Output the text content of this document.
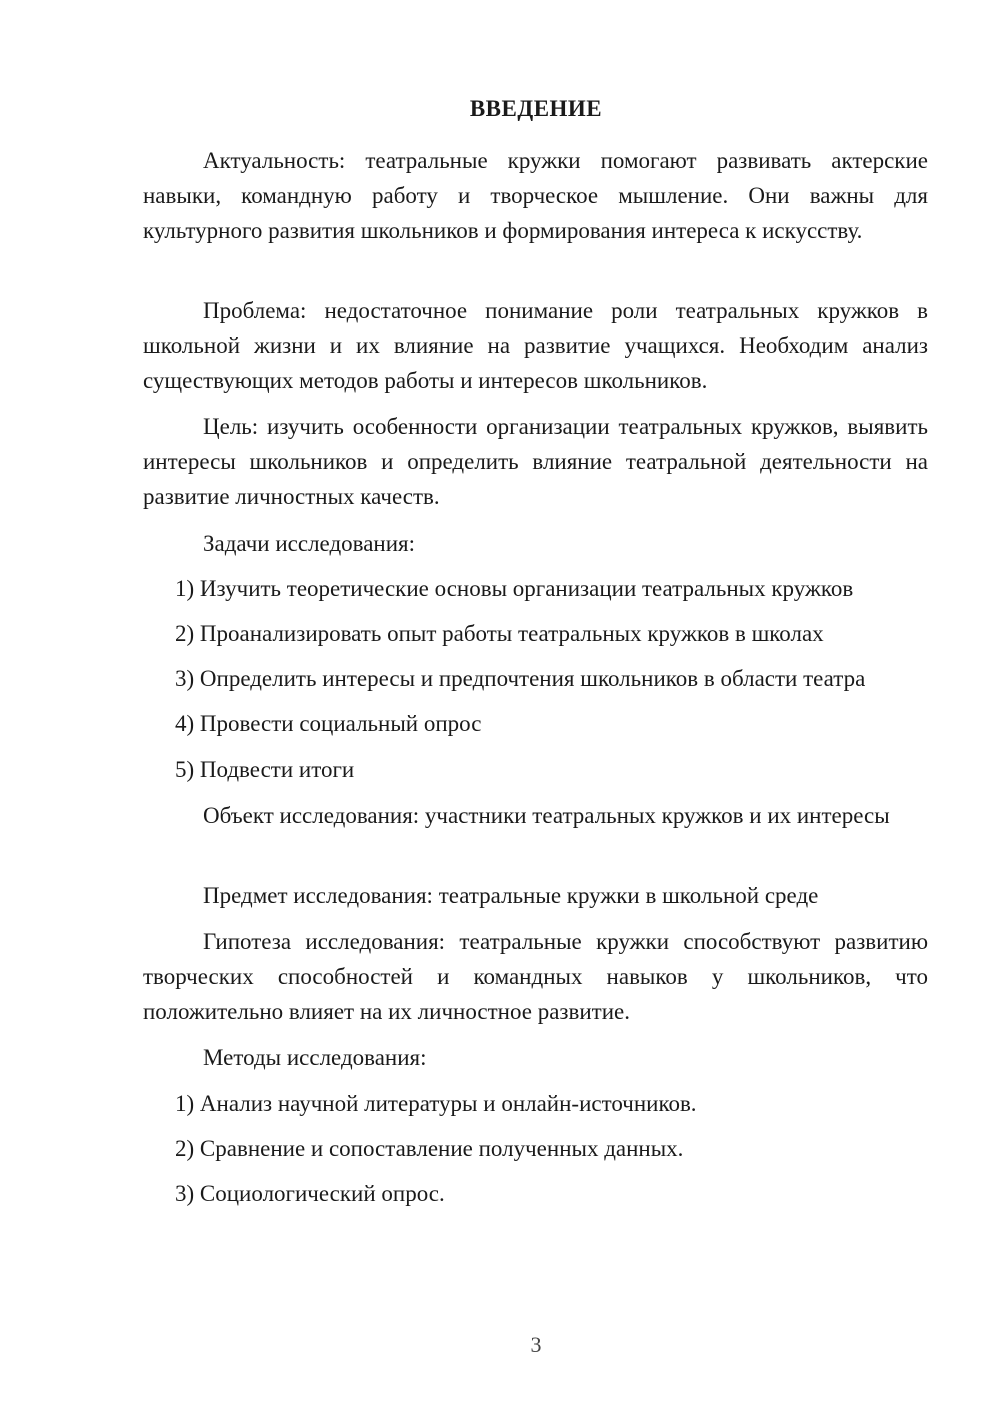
ВВЕДЕНИЕ
Актуальность: театральные кружки помогают развивать актерские навыки, командную работу и творческое мышление. Они важны для культурного развития школьников и формирования интереса к искусству.
Проблема: недостаточное понимание роли театральных кружков в школьной жизни и их влияние на развитие учащихся. Необходим анализ существующих методов работы и интересов школьников.
Цель: изучить особенности организации театральных кружков, выявить интересы школьников и определить влияние театральной деятельности на развитие личностных качеств.
Задачи исследования:
1) Изучить теоретические основы организации театральных кружков
2) Проанализировать опыт работы театральных кружков в школах
3) Определить интересы и предпочтения школьников в области театра
4) Провести социальный опрос
5) Подвести итоги
Объект исследования: участники театральных кружков и их интересы
Предмет исследования: театральные кружки в школьной среде
Гипотеза исследования: театральные кружки способствуют развитию творческих способностей и командных навыков у школьников, что положительно влияет на их личностное развитие.
Методы исследования:
1) Анализ научной литературы и онлайн-источников.
2) Сравнение и сопоставление полученных данных.
3) Социологический опрос.
3
